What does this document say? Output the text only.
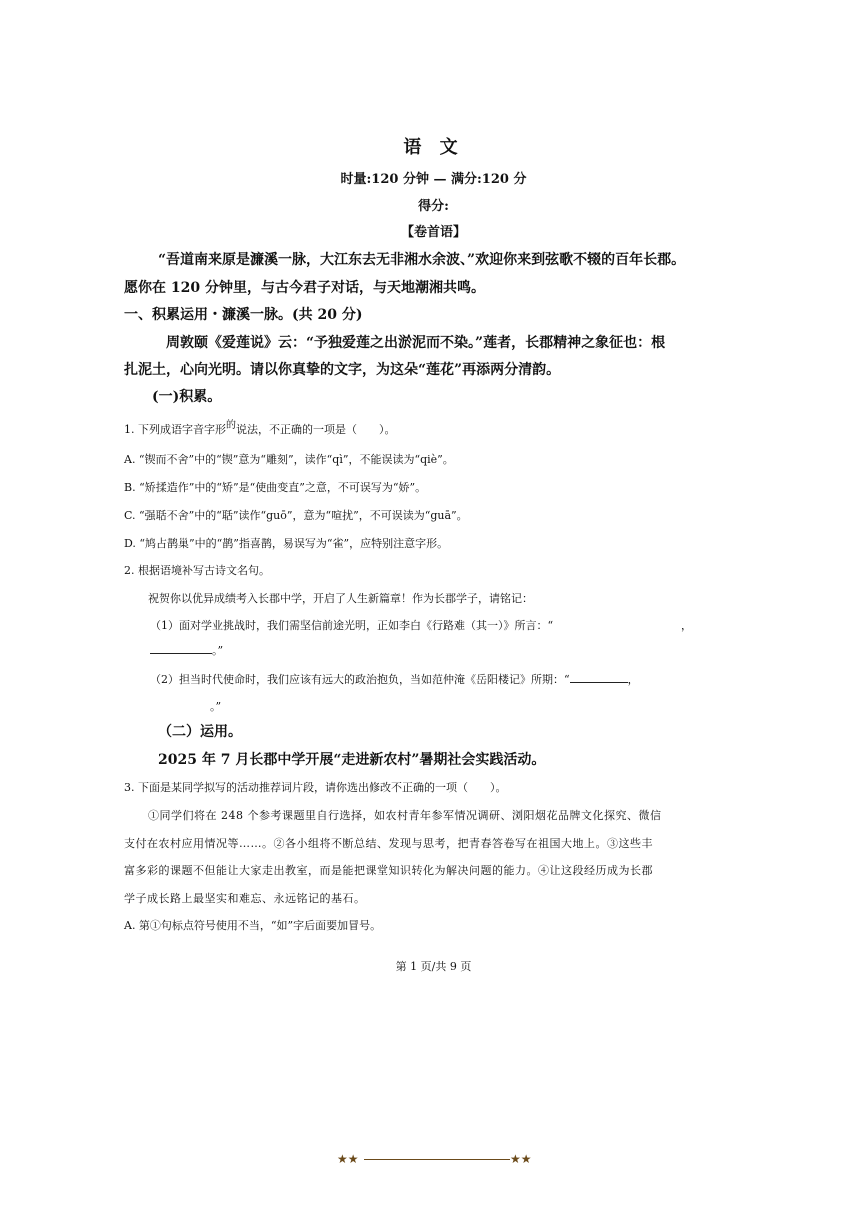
语 文
时量:120 分钟 — 满分:120 分
得分:
【卷首语】
“吾道南来原是濂溪一脉，大江东去无非湘水余波、”欢迎你来到弦歌不辍的百年长郡。
愿你在 120 分钟里，与古今君子对话，与天地潮湘共鸣。
一、积累运用・濂溪一脉。(共 20 分)
周敦颐《爱莲说》云：“予独爱莲之出淤泥而不染。”莲者，长郡精神之象征也：根
扎泥土，心向光明。请以你真挚的文字，为这朵“莲花”再添两分清韵。
(一)积累。
1. 下列成语字音字形的说法，不正确的一项是（　　）。
A. “锲而不舍”中的“锲”意为“雕刻”，读作“qì”，不能误读为“qiè”。
B. “矫揉造作”中的“矫”是“使曲变直”之意，不可误写为“娇”。
C. “强聒不舍”中的“聒”读作“guō”，意为“喧扰”，不可误读为“guā”。
D. “鸠占鹊巢”中的“鹊”指喜鹊，易误写为“雀”，应特别注意字形。
2. 根据语境补写古诗文名句。
祝贺你以优异成绩考入长郡中学，开启了人生新篇章！作为长郡学子，请铭记：
（1）面对学业挑战时，我们需坚信前途光明，正如李白《行路难（其一）》所言：“	，
。”
（2）担当时代使命时，我们应该有远大的政治抱负，当如范仲淹《岳阳楼记》所期：“	，
。”
（二）运用。
2025 年 7 月长郡中学开展“走进新农村”暑期社会实践活动。
3. 下面是某同学拟写的活动推荐词片段，请你选出修改不正确的一项（　　）。
①同学们将在 248 个参考课题里自行选择，如农村青年参军情况调研、浏阳烟花品牌文化探究、微信
支付在农村应用情况等……。②各小组将不断总结、发现与思考，把青春答卷写在祖国大地上。③这些丰
富多彩的课题不但能让大家走出教室，而是能把课堂知识转化为解决问题的能力。④让这段经历成为长郡
学子成长路上最坚实和难忘、永远铭记的基石。
A. 第①句标点符号使用不当，“如”字后面要加冒号。
第 1 页/共 9 页
★★	★★
